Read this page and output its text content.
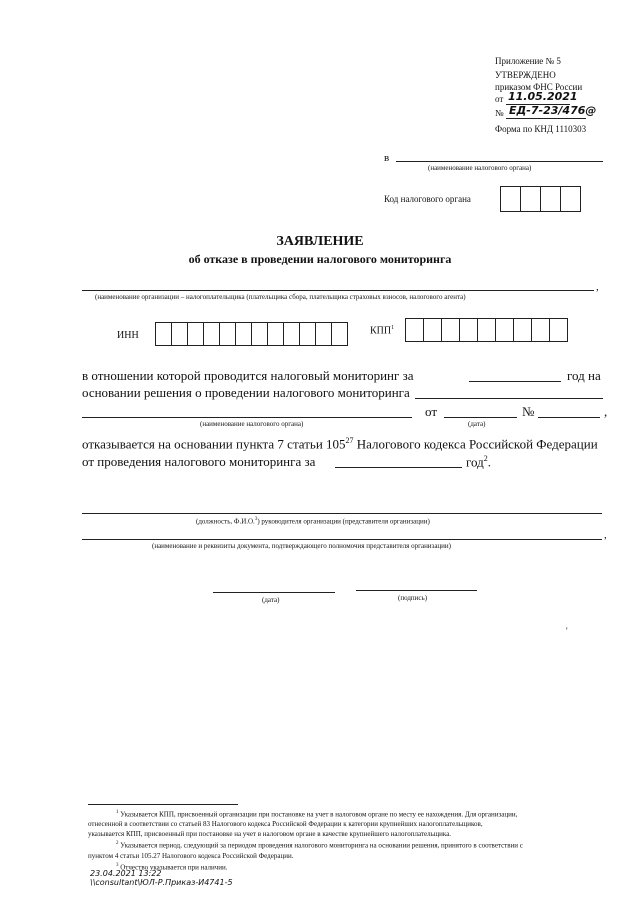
Приложение № 5
УТВЕРЖДЕНО
приказом ФНС России
от 11.05.2021
№ ЕД-7-23/476@
Форма по КНД 1110303
в
(наименование налогового органа)
Код налогового органа
ЗАЯВЛЕНИЕ
об отказе в проведении налогового мониторинга
,
(наименование организации – налогоплательщика (плательщика сбора, плательщика страховых взносов, налогового агента)
ИНН	КПП$^1$
в отношении которой проводится налоговый мониторинг за	год на
основании решения о проведении налогового мониторинга
(наименование налогового органа)
от
(дата)
№	,
отказывается на основании пункта 7 статьи $105^{27}$ Налогового кодекса Российской Федерации
от проведения налогового мониторинга за	год$^2$.
(должность, Ф.И.О.$^3$) руководителя организации (представителя организации)
,
(наименование и реквизиты документа, подтверждающего полномочия представителя организации)
(дата)	(подпись)
'
$^1$ Указывается КПП, присвоенный организации при постановке на учет в налоговом органе по месту ее нахождения. Для организации,
отнесенной в соответствии со статьей 83 Налогового кодекса Российской Федерации к категории крупнейших налогоплательщиков,
указывается КПП, присвоенный при постановке на учет в налоговом органе в качестве крупнейшего налогоплательщика.
$^2$ Указывается период, следующий за периодом проведения налогового мониторинга на основании решения, принятого в соответствии с
пунктом 4 статьи 105.27 Налогового кодекса Российской Федерации.
$^3$ Отчество указывается при наличии.
23.04.2021 13:22
\\consultant\ЮЛ-Р.Приказ-И4741-5
